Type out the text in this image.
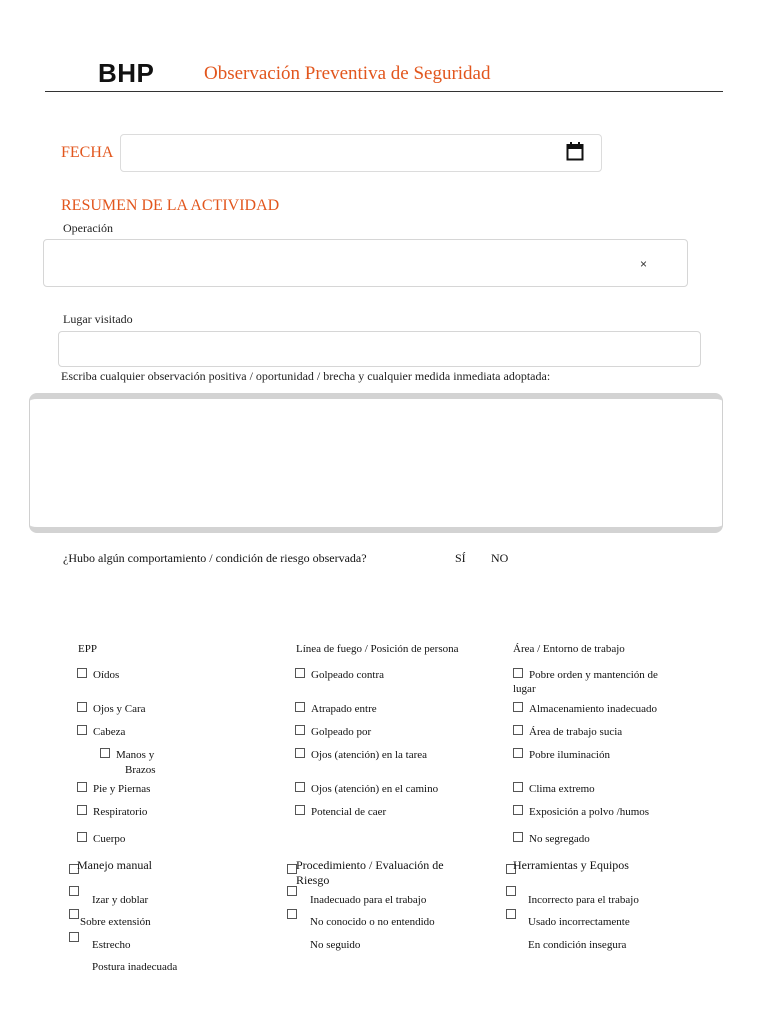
BHP	Observación Preventiva de Seguridad
FECHA
RESUMEN DE LA ACTIVIDAD
Operación
×
Lugar visitado
Escriba cualquier observación positiva / oportunidad / brecha y cualquier medida inmediata adoptada:
¿Hubo algún comportamiento / condición de riesgo observada?	SÍ NO
EPP
Oídos
Ojos y Cara
Cabeza
Manos y
Brazos
Pie y Piernas
Respiratorio
Cuerpo
Línea de fuego / Posición de persona
Golpeado contra
Atrapado entre
Golpeado por
Ojos (atención) en la tarea
Ojos (atención) en el camino
Potencial de caer
Área / Entorno de trabajo
Pobre orden y mantención de
lugar
Almacenamiento inadecuado
Área de trabajo sucia
Pobre iluminación
Clima extremo
Exposición a polvo /humos
No segregado
Manejo manual
Izar y doblar
Sobre extensión
Estrecho
Postura inadecuada
Procedimiento / Evaluación de
Riesgo
Inadecuado para el trabajo
No conocido o no entendido
No seguido
Herramientas y Equipos
Incorrecto para el trabajo
Usado incorrectamente
En condición insegura
